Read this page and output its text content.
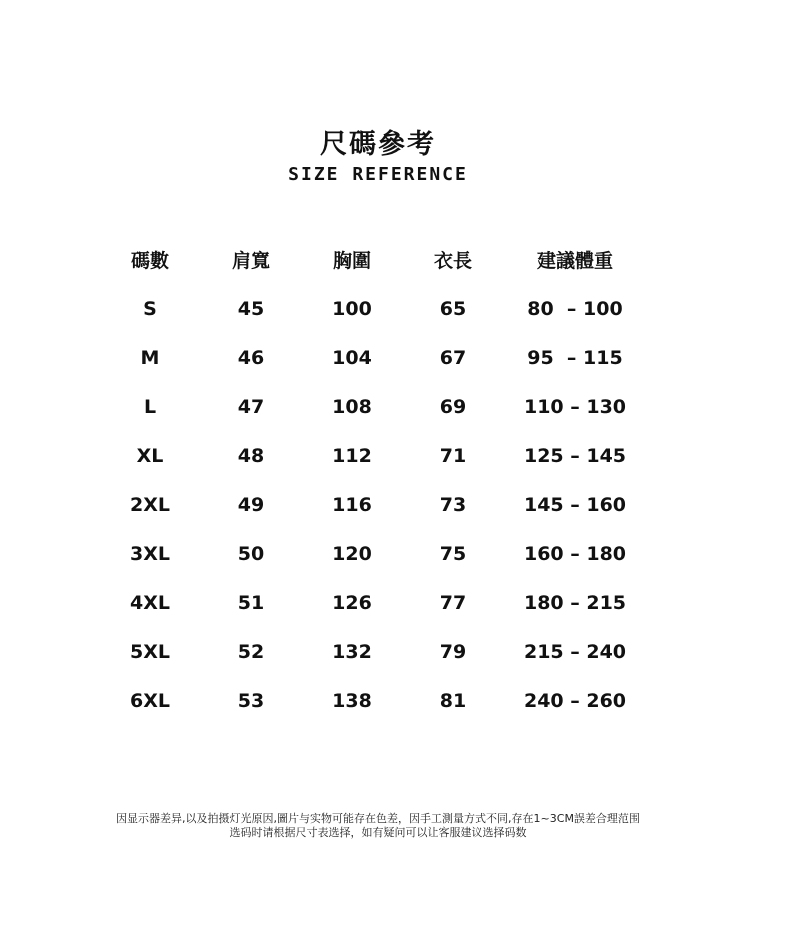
尺碼參考
SIZE REFERENCE
碼數	肩寬	胸圍	衣長	建議體重
S	45	100	65	80  – 100
M	46	104	67	95  – 115
L	47	108	69	110 – 130
XL	48	112	71	125 – 145
2XL	49	116	73	145 – 160
3XL	50	120	75	160 – 180
4XL	51	126	77	180 – 215
5XL	52	132	79	215 – 240
6XL	53	138	81	240 – 260
因显示器差异,以及拍摄灯光原因,圖片与实物可能存在色差，因手工測量方式不同,存在1~3CM誤差合理范围
选码时请根据尺寸表选择，如有疑问可以让客服建议选择码数
